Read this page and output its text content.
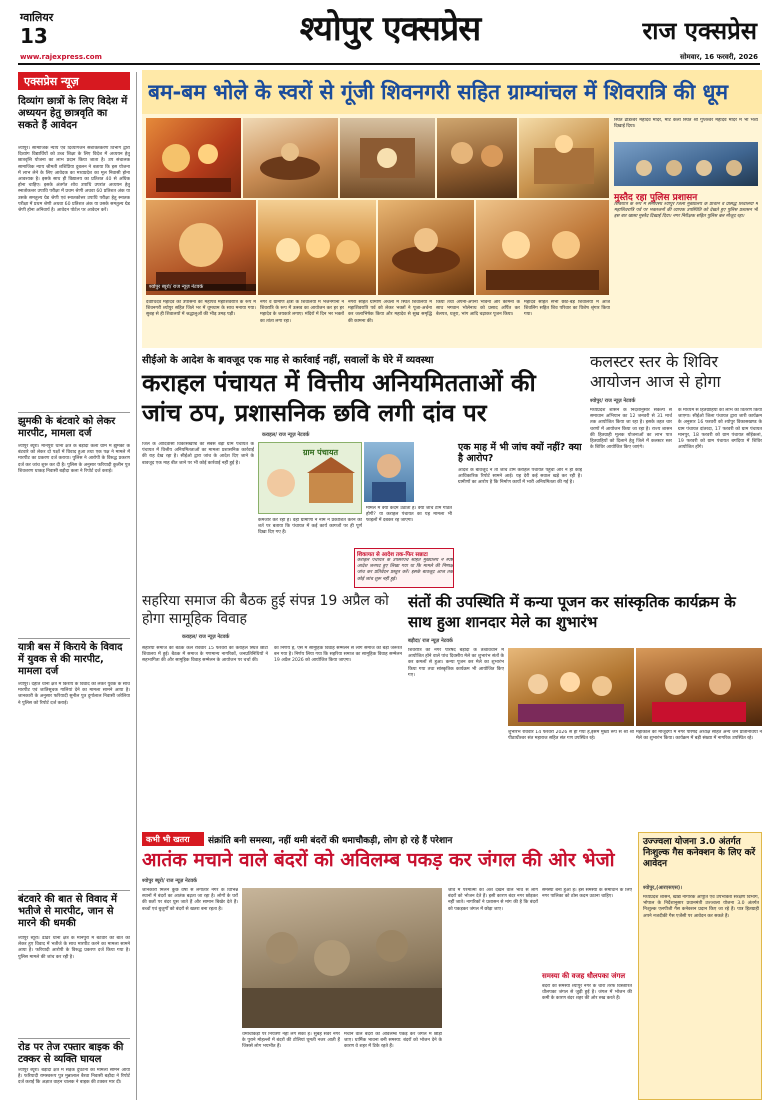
ग्वालियर
13	श्योपुर एक्सप्रेस	राज एक्सप्रेस
www.rajexpress.com	सोमवार, 16 फरवरी, 2026
एक्सप्रेस न्यूज़
दिव्यांग छात्रों के लिए विदेश में अध्ययन हेतु छात्रवृति का सकते हैं आवेदन
श्योपुर। सामाजिक न्याय एवं दिव्यांगजन सशक्तिकरण विभाग द्वारा दिव्यांग विद्यार्थियों को उच्च शिक्षा के लिए विदेश में अध्ययन हेतु छात्रवृत्ति योजना का लाभ प्रदान किया जाता है। उप संचालक सामाजिक न्याय श्रीमती शशिप्रिया दुबलन ने बताया कि इस योजना में लाभ लेने के लिए आवेदक का मध्यप्रदेश का मूल निवासी होना आवश्यक है। इसके साथ ही विद्यालय का प्रतिशत 40 से अधिक होना चाहिए। इसके अंतर्गत शोध उपाधि उपरांत अध्ययन हेतु स्नातोकत्तर उपाधि परीक्षा में प्रथम श्रेणी अथवा 60 प्रतिशत अंक या उसके समतुल्य ग्रेड श्रेणी एवं स्नातकोत्तर उपाधि परीक्षा हेतु स्नातक परीक्षा में प्रथम श्रेणी अथवा 60 प्रतिशत अंक या उसके समतुल्य ग्रेड श्रेणी होना अनिवार्य है। आवेदन पोर्टल पर आवेदन करें।
झुमकी के बंटवारे को लेकर मारपीट, मामला दर्ज
श्योपुर ब्यूरो। मानपुरा थाना क्षेत्र के बड़ौदा कला ग्राम में झुमकी के बंटवारे को लेकर दो पक्षों में विवाद हुआ तथा एक पक्ष ने मामले में मारपीट का प्रकरण दर्ज कराया। पुलिस ने आरोपी के विरुद्ध प्रकरण दर्ज कर जांच शुरू कर दी है। पुलिस के अनुसार फरियादी कुलीन पुत्र शिवशरण धाकड़ निवासी बड़ौदा कला ने रिपोर्ट दर्ज कराई।
यात्री बस में किराये के विवाद में युवक से की मारपीट, मामला दर्ज
श्योपुर। देहात थाना क्षेत्र में किराये के विवाद को लेकर युवक के साथ मारपीट एवं जातिसूचक गालियां देने का मामला सामने आया है। जानकारी के अनुसार फरियादी सुनील पुत्र दुर्गालाल निवासी जरेलिया ने पुलिस को रिपोर्ट दर्ज कराई।
बंटवारे की बात से विवाद में भतीजे से मारपीट, जान से मारने की धमकी
श्योपुर ब्यूरो। ढोंढर थाना क्षेत्र के मानपुरा में बंटवारे की बात को लेकर हुए विवाद में भतीजे के साथ मारपीट करने का मामला सामने आया है। फरियादी आरोपी के विरुद्ध प्रकरण दर्ज किया गया है। पुलिस मामले की जांच कर रही है।
रोड पर तेज रफ्तार बाइक की टक्कर से व्यक्ति घायल
श्योपुर ब्यूरो। बड़ौदा क्षेत्र में सड़क दुर्घटना का मामला सामने आया है। फरियादी रामस्वरूप पुत्र मुन्नालाल बैरवा निवासी बड़ौदा ने रिपोर्ट दर्ज कराई कि अज्ञात वाहन चालक ने बाइक की टक्कर मार दी।
बम-बम भोले के स्वरों से गूंजी शिवनगरी सहित ग्राम्यांचल में शिवरात्रि की धूम
श्योपुर ब्यूरो/ राज न्यूज़ नेटवर्क
स्थित ढोडेश्वर महादेव मंदिर, मोटे कलां स्थित श्री गुप्तेश्वर महादेव मंदिर में भी भव्य दिखाई दिया।
मुस्तैद रहा पुलिस प्रशासन
शिवरात्रि के रूप में समीपस्थ श्योपुर जिला मुख्यालय के प्राचीन व प्रसिद्ध शिवालयों में महाशिवरात्रि पर्व पर भक्तजनों की व्यापक उपस्थिति को देखते हुए पुलिस प्रशासन भी इस बार खासा मुस्तैद दिखाई दिया। नगर निरीक्षक सहित पुलिस बल मौजूद रहा।
देवाधिदेव महादेव की उपासना का महापर्व महाशिवरात्रि के रूप में शिवनगरी श्योपुर सहित जिले भर में धूमधाम के साथ मनाया गया। सुबह से ही शिवालयों में श्रद्धालुओं की भीड़ उमड़ पड़ी।
नगर व ग्रामीण क्षेत्रों के शिवालयों में भजनगानों ने शिवरात्रि के रूप में उत्सव का आयोजन कर हर हर महादेव के जयकारे लगाए। मंदिरों में दिन भर भक्तों का तांता लगा रहा।
नगरों सहित ग्रामीण अंचलों में स्थित शिवालयों में महाशिवरात्रि पर्व को लेकर भक्तों ने पूजा-अर्चना कर जलाभिषेक किया और महादेव से सुख समृद्धि की कामना की।
किया तथा अपनी-अपनी भावना और कामना के साथ भगवान भोलेनाथ को प्रसाद अर्पित कर बेलपत्र, धतूरा, भांग आदि चढ़ाकर पूजन किया।
महादेव सहित सभी छोटे-बड़े शिवालयों में आज शिवलिंग सहित शिव परिवार का विशेष श्रृंगार किया गया।
सीईओ के आदेश के बावजूद एक माह से कार्रवाई नहीं, सवालों के घेरे में व्यवस्था
कराहल पंचायत में वित्तीय अनियमितताओं की जांच ठप, प्रशासनिक छवि लगी दांव पर
कराहल/ राज न्यूज़ नेटवर्क
जिले के आदिवासी विकासखण्ड की सबसे बड़ी ग्राम पंचायत के पंचायत में वित्तीय अनियमितताओं का मामला प्रशासनिक कार्रवाई की राह देख रहा है। सीईओ द्वारा जांच के आदेश दिए जाने के बावजूद एक माह बीत जाने पर भी कोई कार्रवाई नहीं हुई है।
ग्राम पंचायत
कमजोर कर रही है। वहीं ग्रामीणों ने नाम न प्रकाशित करने की शर्त पर बताया कि पंचायत में कई कार्य कागजों पर ही पूर्ण दिखा दिए गए हैं।
मामले में क्या कदम उठाता है। क्या जांच टीम गठित होगी? या कराहल पंचायत का यह मामला भी फाइलों में दबकर रह जाएगा।
एक माह में भी जांच क्यों नहीं? क्या है आरोप?
आदेश के बावजूद न तो जांच टीम कराहल पंचायत पहुंची और न ही कोई आधिकारिक रिपोर्ट सामने आई। यह देरी कई सवाल खड़े कर रही है। ग्रामीणों का आरोप है कि निर्माण कार्यों में भारी अनियमितता की गई है।
शिकायत से आदेश तक-फिर सन्नाटा
कराहल पंचायत के उपसरपंच सहित मुख्यालय ने स्पष्ट आदेश जनपद हुए लिखा गया था कि मामले की निष्पक्ष जांच कर प्रतिवेदन प्रस्तुत करें। इसके बावजूद आज तक कोई जांच शुरू नहीं हुई।
कलस्टर स्तर के शिविर आयोजन आज से होगा
श्योपुर/ राज न्यूज़ नेटवर्क
मध्यप्रदेश शासन के निर्देशानुसार संकल्प से समाधान अभियान का 12 जनवरी से 31 मार्च तक आयोजित किया जा रहा है। इसके तहत चार चरणों में आयोजन किया जा रहा है। राज्य शासन की हितग्राही मूलक योजनाओं का लाभ पात्र हितग्राहियों को दिलाने हेतु जिले में कलस्टर स्तर के शिविर आयोजित किए जाएंगे।
के माध्यम से हितग्राहियों को लाभ का वितरण किया जाएगा। सीईओ जिला पंचायत द्वारा जारी कार्यक्रम के अनुसार 16 फरवरी को श्योपुर विकासखण्ड के ग्राम पंचायत दांतरदा, 17 फरवरी को ग्राम पंचायत मानपुर, 18 फरवरी को ग्राम पंचायत सोंईकलां, 19 फरवरी को ग्राम पंचायत बगदिया में शिविर आयोजित होंगे।
सहरिया समाज की बैठक हुई संपन्न 19 अप्रैल को होगा सामूहिक विवाह
कराहल/ राज न्यूज़ नेटवर्क
सहरिया समाज की बैठक कल रविवार 15 फरवरी को कराहल स्थित छोटा शिवालय में हुई। बैठक में समाज के गणमान्य नागरिकों, जनप्रतिनिधियों ने सहभागिता की और सामूहिक विवाह सम्मेलन के आयोजन पर चर्चा की।
का निर्णय है, ऐसे में सामूहिक विवाह सम्मेलन से लोग समाज की बड़ी जरूरत बन गया है। निर्णय लिया गया कि सहरिया समाज का सामूहिक विवाह सम्मेलन 19 अप्रैल 2026 को आयोजित किया जाएगा।
संतों की उपस्थिति में कन्या पूजन कर सांस्कृतिक कार्यक्रम के साथ हुआ शानदार मेले का शुभारंभ
बड़ौदा/ राज न्यूज़ नेटवर्क
शिवरात्रि को नगर परिषद बड़ौदा के तत्वावधान में आयोजित होने वाले पांच दिवसीय मेले का शुभारंभ संतों के कर कमलों से हुआ। कन्या पूजन कर मेले का शुभारंभ किया गया तथा सांस्कृतिक कार्यक्रम भी आयोजित किए गए।
शुभारंभ रविवार 14 फरवरी 2026 से हो गया है,इसमें मुख्य रूप से श्री श्री पीठाधीश्वर संत महाराज सहित संत गण उपस्थित रहे।
महाकाल की मौजूदगी में नगर परिषद अध्यक्ष सहित अन्य जन प्रतिनिधियों ने मेले का शुभारंभ किया। कार्यक्रम में बड़ी संख्या में नागरिक उपस्थित रहे।
कभी भी खतरा	संक्रांति बनी समस्या, नहीं थमी बंदरों की धमाचौकड़ी, लोग हो रहे हैं परेशान
आतंक मचाने वाले बंदरों को अविलम्ब पकड़ कर जंगल की ओर भेजो
श्योपुर ब्यूरो/ राज न्यूज़ नेटवर्क
जानकारी मिलने कुछ वर्षों से लगातार नगर के विभिन्न स्थानों में बंदरों का आतंक बढ़ता जा रहा है। लोगों के घरों की छतों पर बंदर घुस जाते हैं और सामान बिखेर देते हैं। बच्चों एवं बुजुर्गों को बंदरों से खतरा बना रहता है।
धमाचौकड़ी पर नियंत्रण नहीं लग सका है। सुबह सवेरे नगर के पुराने मोहल्लों में बंदरों की टोलियां घूमती नजर आती हैं जिससे लोग भयभीत हैं।
मचाने वाले बंदरों को अविलम्ब पकड़ कर जंगल में छोड़ा जाए। धार्मिक भावना बनी समस्या: बंदरों को भोजन देने के कारण वे शहर में टिके रहते हैं।
जीव में परमात्मा का अंश देखने वाले भाव से लोग बंदरों को भोजन देते हैं। इसी कारण बंदर नगर छोड़कर नहीं जाते। नागरिकों ने प्रशासन से मांग की है कि बंदरों को पकड़कर जंगल में छोड़ा जाए।
समस्या बना हुआ है। इस समस्या के समाधान के लिए नगर पालिका को ठोस कदम उठाना चाहिए।
समस्या की वजह धौलपका जंगल
बंदरों की समस्या श्योपुर नगर के चारों तरफ विस्तारित धौलपका जंगल से जुड़ी हुई है। जंगल में भोजन की कमी के कारण बंदर शहर की ओर रुख करते हैं।
उज्ज्वला योजना 3.0 अंतर्गत निःशुल्क गैस कनेक्शन के लिए करें आवेदन
श्योपुर,(आरएसएस)।
मध्यप्रदेश शासन, खाद्य नागरिक आपूर्ति एवं उपभोक्ता संरक्षण विभाग, भोपाल के निर्देशानुसार प्रधानमंत्री उज्ज्वला योजना 3.0 अंतर्गत निःशुल्क एलपीजी गैस कनेक्शन प्रदान किए जा रहे हैं। पात्र हितग्राही अपने नजदीकी गैस एजेंसी पर आवेदन कर सकते हैं।
